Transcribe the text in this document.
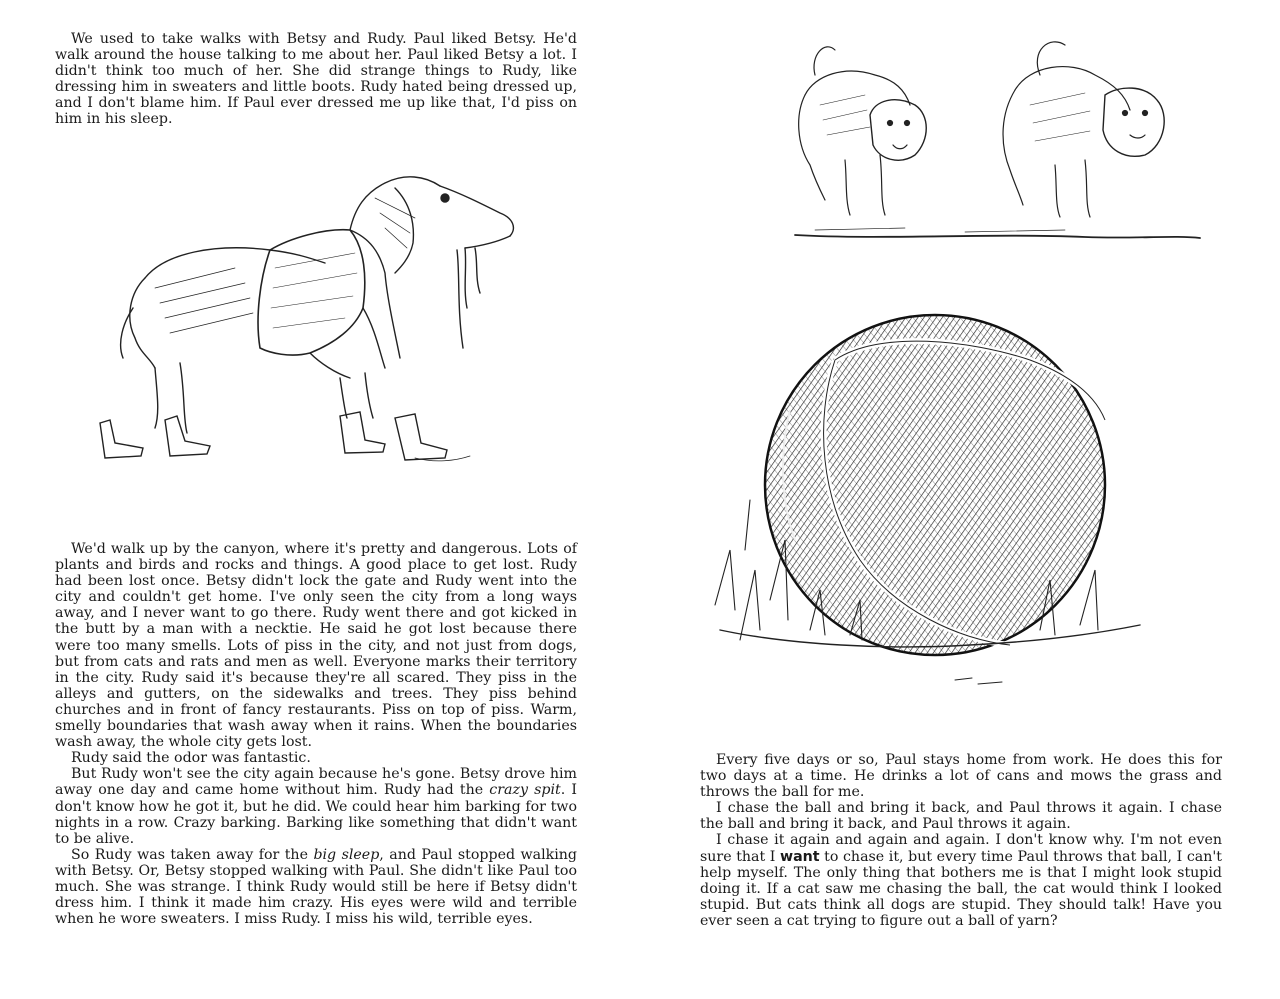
We used to take walks with Betsy and Rudy. Paul liked Betsy. He'd walk around the house talking to me about her. Paul liked Betsy a lot. I didn't think too much of her. She did strange things to Rudy, like dressing him in sweaters and little boots. Rudy hated being dressed up, and I don't blame him. If Paul ever dressed me up like that, I'd piss on him in his sleep.

We'd walk up by the canyon, where it's pretty and dangerous. Lots of plants and birds and rocks and things. A good place to get lost. Rudy had been lost once. Betsy didn't lock the gate and Rudy went into the city and couldn't get home. I've only seen the city from a long ways away, and I never want to go there. Rudy went there and got kicked in the butt by a man with a necktie. He said he got lost because there were too many smells. Lots of piss in the city, and not just from dogs, but from cats and rats and men as well. Everyone marks their territory in the city. Rudy said it's because they're all scared. They piss in the alleys and gutters, on the sidewalks and trees. They piss behind churches and in front of fancy restaurants. Piss on top of piss. Warm, smelly boundaries that wash away when it rains. When the boundaries wash away, the whole city gets lost.

Rudy said the odor was fantastic.

But Rudy won't see the city again because he's gone. Betsy drove him away one day and came home without him. Rudy had the crazy spit. I don't know how he got it, but he did. We could hear him barking for two nights in a row. Crazy barking. Barking like something that didn't want to be alive.

So Rudy was taken away for the big sleep, and Paul stopped walking with Betsy. Or, Betsy stopped walking with Paul. She didn't like Paul too much. She was strange. I think Rudy would still be here if Betsy didn't dress him. I think it made him crazy. His eyes were wild and terrible when he wore sweaters. I miss Rudy. I miss his wild, terrible eyes.

Every five days or so, Paul stays home from work. He does this for two days at a time. He drinks a lot of cans and mows the grass and throws the ball for me.

I chase the ball and bring it back, and Paul throws it again. I chase the ball and bring it back, and Paul throws it again.

I chase it again and again and again. I don't know why. I'm not even sure that I want to chase it, but every time Paul throws that ball, I can't help myself. The only thing that bothers me is that I might look stupid doing it. If a cat saw me chasing the ball, the cat would think I looked stupid. But cats think all dogs are stupid. They should talk! Have you ever seen a cat trying to figure out a ball of yarn?
